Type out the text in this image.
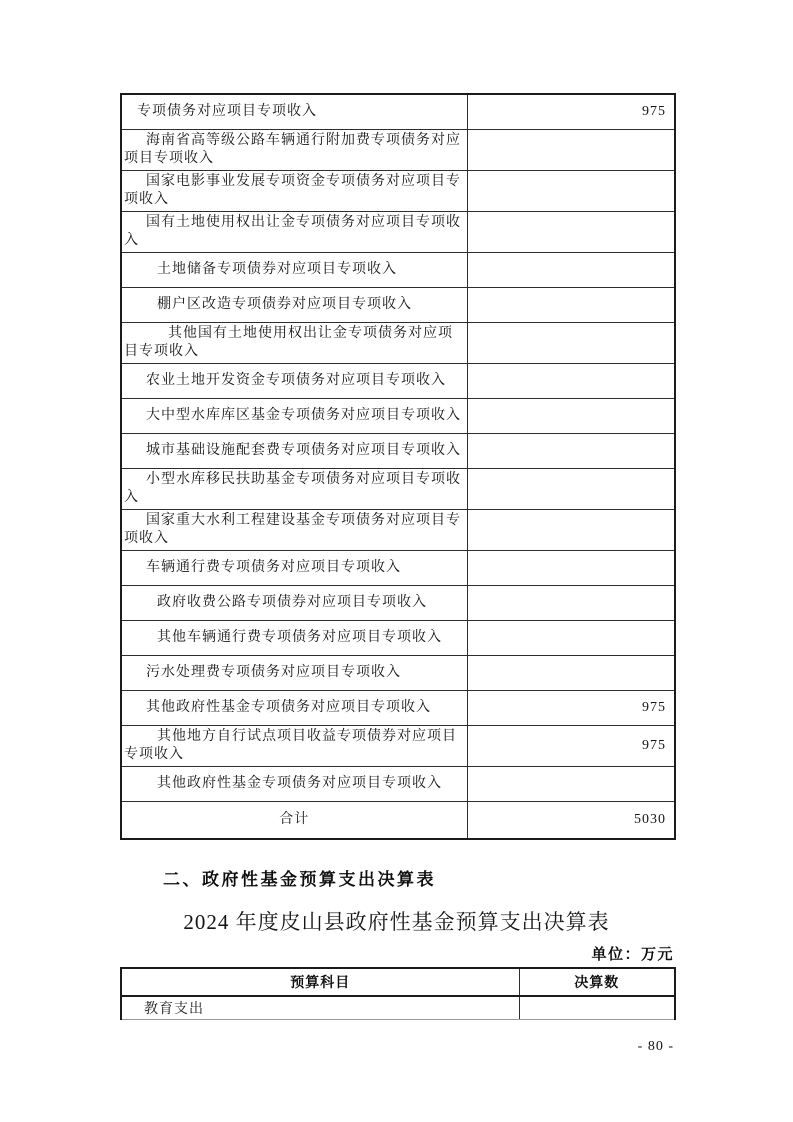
专项债务对应项目专项收入	975
海南省高等级公路车辆通行附加费专项债务对应项目专项收入	
国家电影事业发展专项资金专项债务对应项目专项收入	
国有土地使用权出让金专项债务对应项目专项收入	
土地储备专项债券对应项目专项收入	
棚户区改造专项债券对应项目专项收入	
其他国有土地使用权出让金专项债务对应项目专项收入	
农业土地开发资金专项债务对应项目专项收入	
大中型水库库区基金专项债务对应项目专项收入	
城市基础设施配套费专项债务对应项目专项收入	
小型水库移民扶助基金专项债务对应项目专项收入	
国家重大水利工程建设基金专项债务对应项目专项收入	
车辆通行费专项债务对应项目专项收入	
政府收费公路专项债券对应项目专项收入	
其他车辆通行费专项债务对应项目专项收入	
污水处理费专项债务对应项目专项收入	
其他政府性基金专项债务对应项目专项收入	975
其他地方自行试点项目收益专项债券对应项目专项收入	975
其他政府性基金专项债务对应项目专项收入	
合计	5030
二、政府性基金预算支出决算表
2024 年度皮山县政府性基金预算支出决算表
单位：万元
预算科目	决算数
教育支出	
- 80 -
